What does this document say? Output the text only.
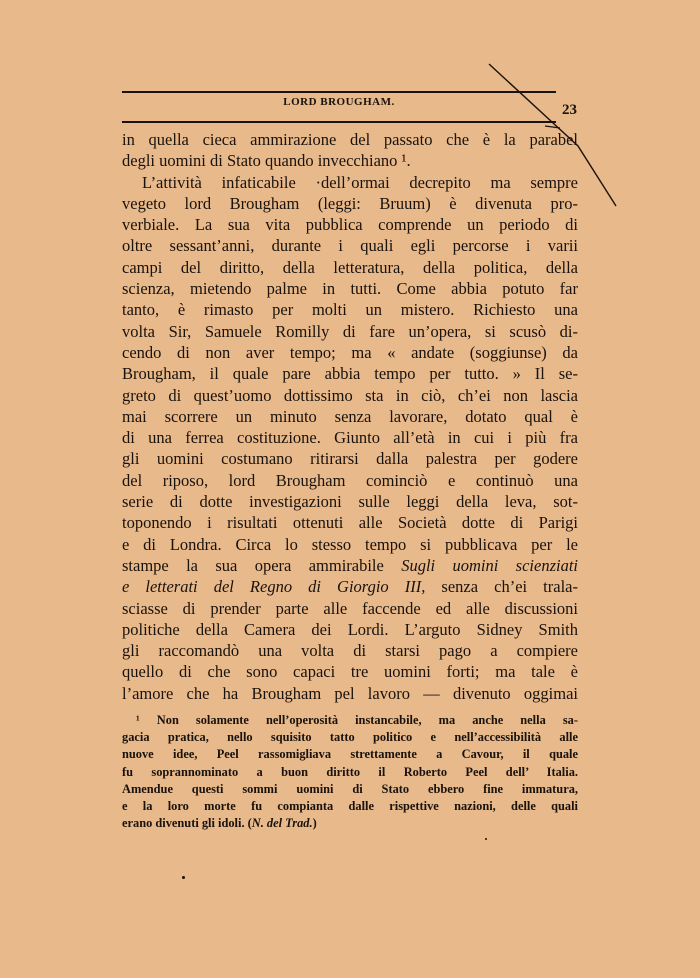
LORD BROUGHAM.	23
in quella cieca ammirazione del passato che è la parabel
degli uomini di Stato quando invecchiano ¹.
L’attività infaticabile ·dell’ormai decrepito ma sempre
vegeto lord Brougham (leggi: Bruum) è divenuta pro-
verbiale. La sua vita pubblica comprende un periodo di
oltre sessant’anni, durante i quali egli percorse i varii
campi del diritto, della letteratura, della politica, della
scienza, mietendo palme in tutti. Come abbia potuto far
tanto, è rimasto per molti un mistero. Richiesto una
volta Sir, Samuele Romilly di fare un’opera, si scusò di-
cendo di non aver tempo; ma « andate (soggiunse) da
Brougham, il quale pare abbia tempo per tutto. » Il se-
greto di quest’uomo dottissimo sta in ciò, ch’ei non lascia
mai scorrere un minuto senza lavorare, dotato qual è
di una ferrea costituzione. Giunto all’età in cui i più fra
gli uomini costumano ritirarsi dalla palestra per godere
del riposo, lord Brougham cominciò e continuò una
serie di dotte investigazioni sulle leggi della leva, sot-
toponendo i risultati ottenuti alle Società dotte di Parigi
e di Londra. Circa lo stesso tempo si pubblicava per le
stampe la sua opera ammirabile Sugli uomini scienziati
e letterati del Regno di Giorgio III, senza ch’ei trala-
sciasse di prender parte alle faccende ed alle discussioni
politiche della Camera dei Lordi. L’arguto Sidney Smith
gli raccomandò una volta di starsi pago a compiere
quello di che sono capaci tre uomini forti; ma tale è
l’amore che ha Brougham pel lavoro — divenuto oggimai
¹ Non solamente nell’operosità instancabile, ma anche nella sa-
gacia pratica, nello squisito tatto politico e nell’accessibilità alle
nuove idee, Peel rassomigliava strettamente a Cavour, il quale
fu soprannominato a buon diritto il Roberto Peel dell’ Italia.
Amendue questi sommi uomini di Stato ebbero fine immatura,
e la loro morte fu compianta dalle rispettive nazioni, delle quali
erano divenuti gli idoli. (N. del Trad.)
